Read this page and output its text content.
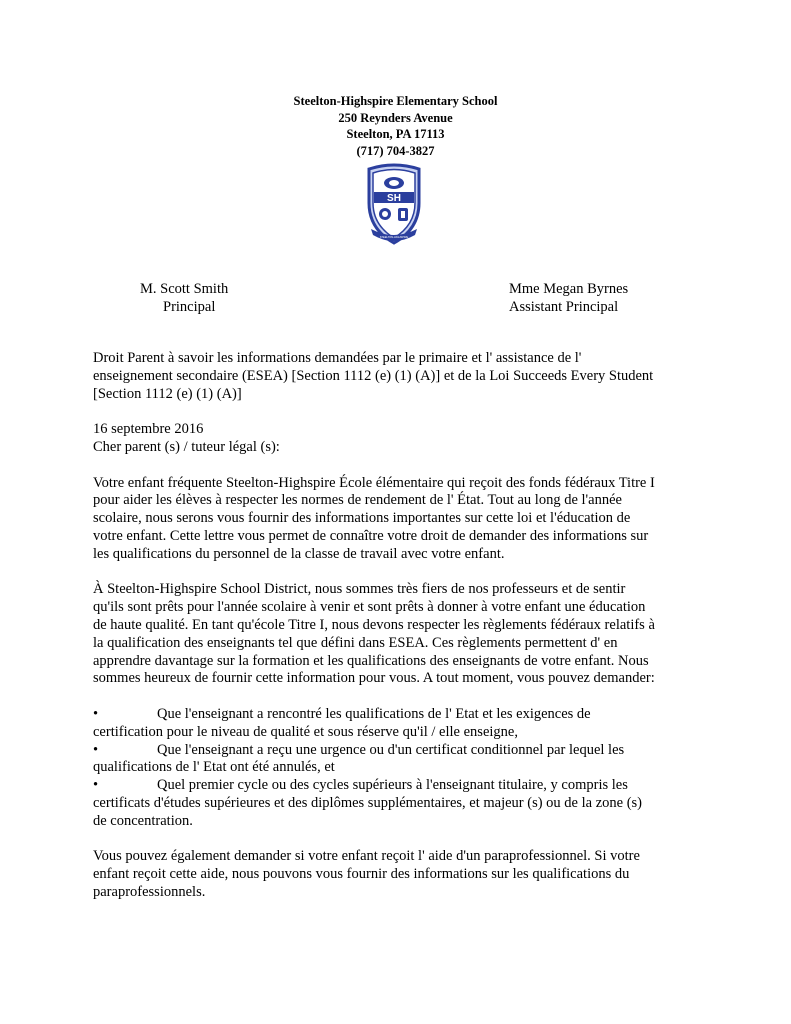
Steelton-Highspire Elementary School
250 Reynders Avenue
Steelton, PA 17113
(717) 704-3827
SH
STEELTON-HIGHSPIRE
M. Scott Smith
Principal
Mme Megan Byrnes
Assistant Principal

Droit Parent à savoir les informations demandées par le primaire et l' assistance de l'

enseignement secondaire (ESEA) [Section 1112 (e) (1) (A)] et de la Loi Succeeds Every Student

[Section 1112 (e) (1) (A)]

16 septembre 2016

Cher parent (s) / tuteur légal (s):

Votre enfant fréquente Steelton-Highspire École élémentaire qui reçoit des fonds fédéraux Titre I

pour aider les élèves à respecter les normes de rendement de l' État. Tout au long de l'année

scolaire, nous serons vous fournir des informations importantes sur cette loi et l'éducation de

votre enfant. Cette lettre vous permet de connaître votre droit de demander des informations sur

les qualifications du personnel de la classe de travail avec votre enfant.

À Steelton-Highspire School District, nous sommes très fiers de nos professeurs et de sentir

qu'ils sont prêts pour l'année scolaire à venir et sont prêts à donner à votre enfant une éducation

de haute qualité. En tant qu'école Titre I, nous devons respecter les règlements fédéraux relatifs à

la qualification des enseignants tel que défini dans ESEA. Ces règlements permettent d' en

apprendre davantage sur la formation et les qualifications des enseignants de votre enfant. Nous

sommes heureux de fournir cette information pour vous. A tout moment, vous pouvez demander:

•	Que l'enseignant a rencontré les qualifications de l' Etat et les exigences de

certification pour le niveau de qualité et sous réserve qu'il / elle enseigne,

•	Que l'enseignant a reçu une urgence ou d'un certificat conditionnel par lequel les

qualifications de l' Etat ont été annulés, et

•	Quel premier cycle ou des cycles supérieurs à l'enseignant titulaire, y compris les

certificats d'études supérieures et des diplômes supplémentaires, et majeur (s) ou de la zone (s)

de concentration.

Vous pouvez également demander si votre enfant reçoit l' aide d'un paraprofessionnel. Si votre

enfant reçoit cette aide, nous pouvons vous fournir des informations sur les qualifications du

paraprofessionnels.
